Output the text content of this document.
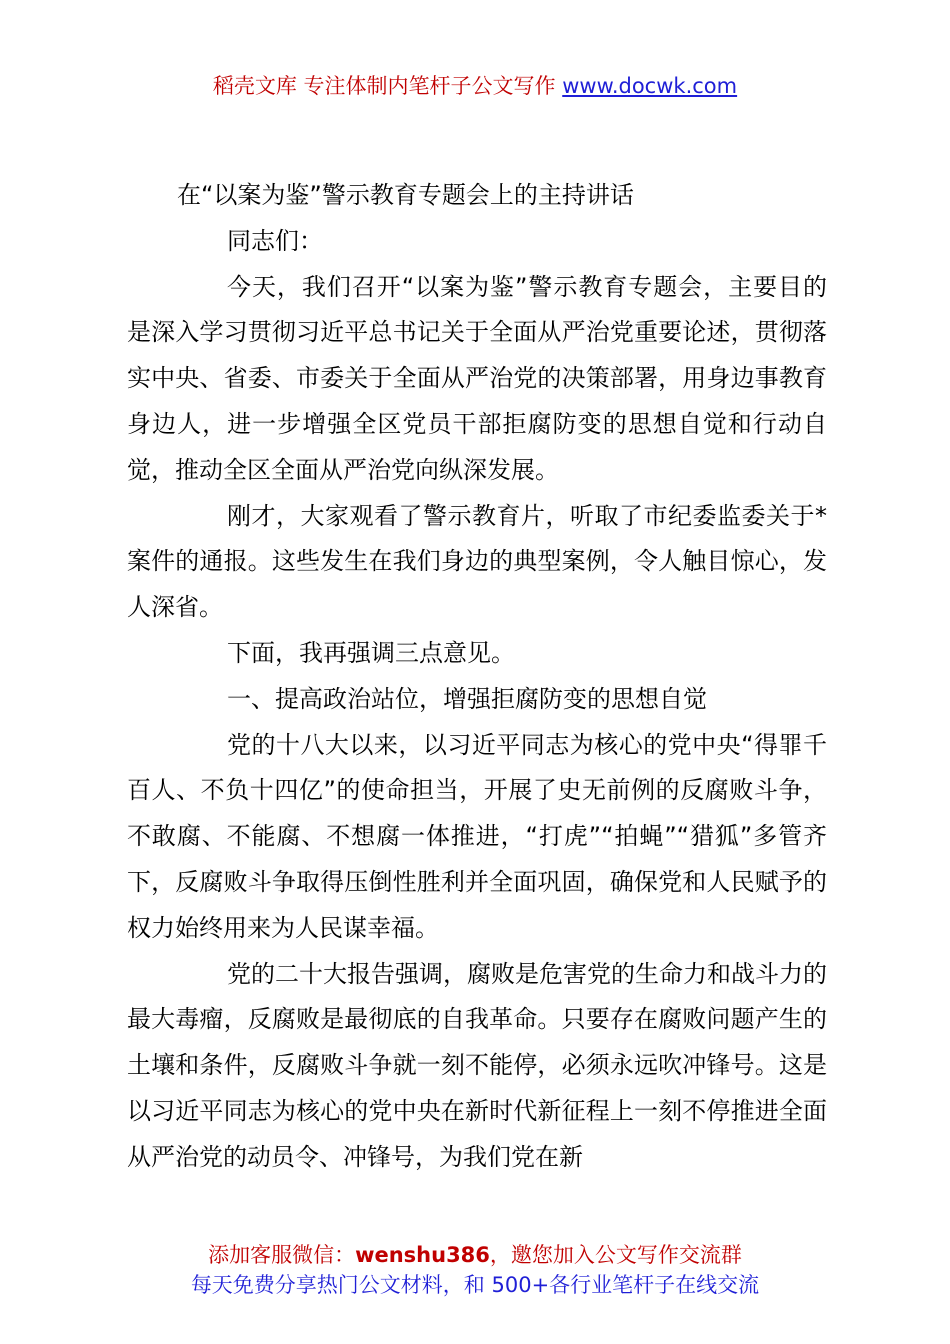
稻壳文库 专注体制内笔杆子公文写作 www.docwk.com

在“以案为鉴”警示教育专题会上的主持讲话

同志们：

今天，我们召开“以案为鉴”警示教育专题会，主要目的是深入学习贯彻习近平总书记关于全面从严治党重要论述，贯彻落实中央、省委、市委关于全面从严治党的决策部署，用身边事教育身边人，进一步增强全区党员干部拒腐防变的思想自觉和行动自觉，推动全区全面从严治党向纵深发展。

刚才，大家观看了警示教育片，听取了市纪委监委关于*案件的通报。这些发生在我们身边的典型案例，令人触目惊心，发人深省。

下面，我再强调三点意见。

一、提高政治站位，增强拒腐防变的思想自觉

党的十八大以来，以习近平同志为核心的党中央“得罪千百人、不负十四亿”的使命担当，开展了史无前例的反腐败斗争，不敢腐、不能腐、不想腐一体推进，“打虎”“拍蝇”“猎狐”多管齐下，反腐败斗争取得压倒性胜利并全面巩固，确保党和人民赋予的权力始终用来为人民谋幸福。

党的二十大报告强调，腐败是危害党的生命力和战斗力的最大毒瘤，反腐败是最彻底的自我革命。只要存在腐败问题产生的土壤和条件，反腐败斗争就一刻不能停，必须永远吹冲锋号。这是以习近平同志为核心的党中央在新时代新征程上一刻不停推进全面从严治党的动员令、冲锋号，为我们党在新

添加客服微信：wenshu386，邀您加入公文写作交流群
每天免费分享热门公文材料，和 500+各行业笔杆子在线交流
